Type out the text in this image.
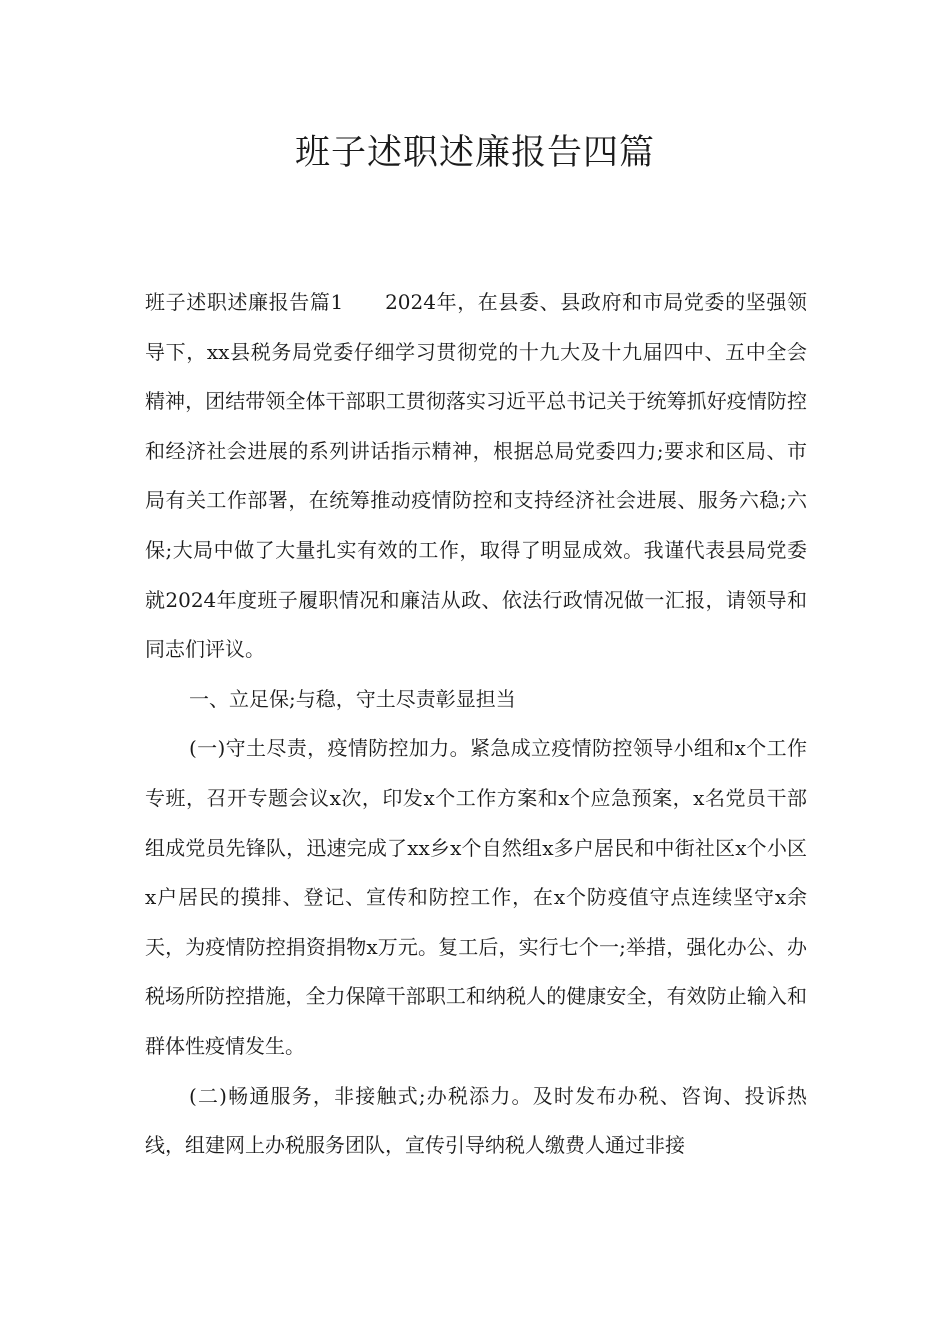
班子述职述廉报告四篇

班子述职述廉报告篇1　　2024年，在县委、县政府和市局党委的坚强领导下，xx县税务局党委仔细学习贯彻党的十九大及十九届四中、五中全会精神，团结带领全体干部职工贯彻落实习近平总书记关于统筹抓好疫情防控和经济社会进展的系列讲话指示精神，根据总局党委四力;要求和区局、市局有关工作部署，在统筹推动疫情防控和支持经济社会进展、服务六稳;六保;大局中做了大量扎实有效的工作，取得了明显成效。我谨代表县局党委就2024年度班子履职情况和廉洁从政、依法行政情况做一汇报，请领导和同志们评议。

一、立足保;与稳，守土尽责彰显担当

(一)守土尽责，疫情防控加力。紧急成立疫情防控领导小组和x个工作专班，召开专题会议x次，印发x个工作方案和x个应急预案，x名党员干部组成党员先锋队，迅速完成了xx乡x个自然组x多户居民和中街社区x个小区x户居民的摸排、登记、宣传和防控工作，在x个防疫值守点连续坚守x余天，为疫情防控捐资捐物x万元。复工后，实行七个一;举措，强化办公、办税场所防控措施，全力保障干部职工和纳税人的健康安全，有效防止输入和群体性疫情发生。

(二)畅通服务，非接触式;办税添力。及时发布办税、咨询、投诉热线，组建网上办税服务团队，宣传引导纳税人缴费人通过非接
